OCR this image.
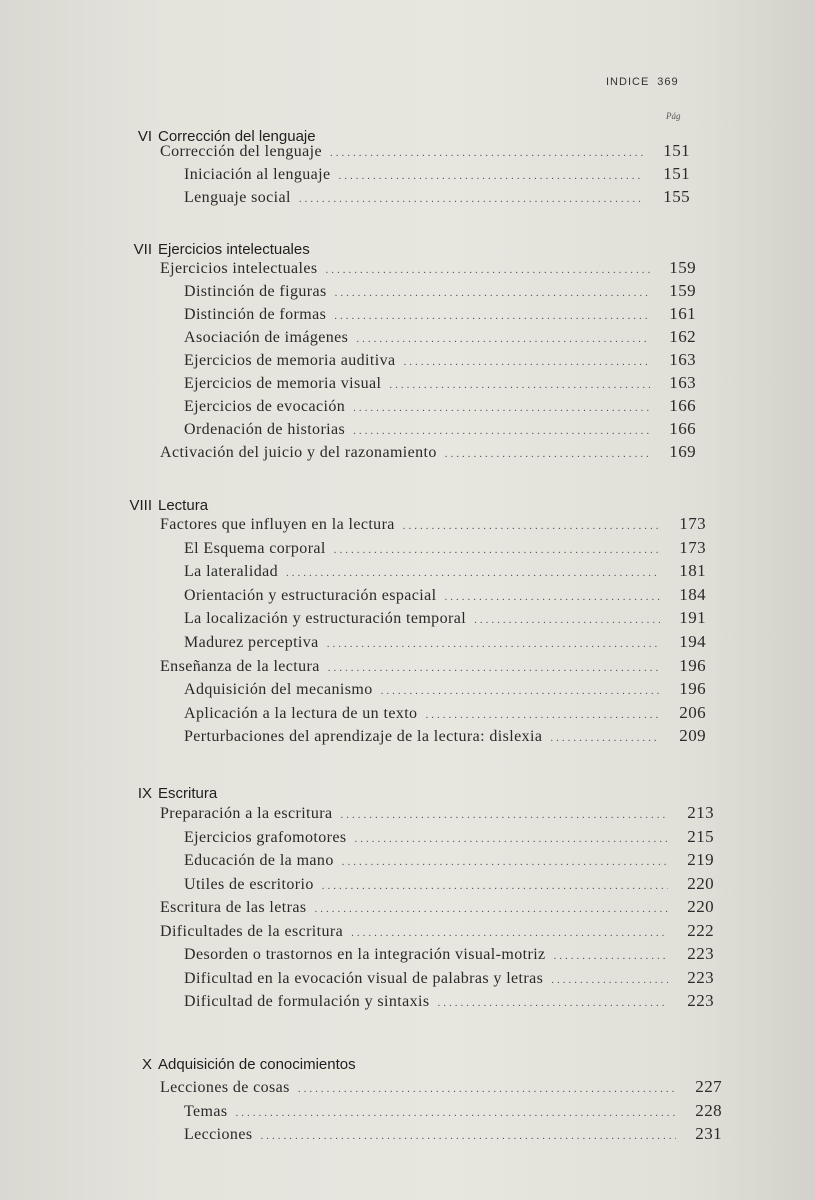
INDICE 369
Pág
VI Corrección del lenguaje
Corrección del lenguaje .....	151
Iniciación al lenguaje .....	151
Lenguaje social .....	155
VII Ejercicios intelectuales
Ejercicios intelectuales .....	159
Distinción de figuras .....	159
Distinción de formas .....	161
Asociación de imágenes .....	162
Ejercicios de memoria auditiva .....	163
Ejercicios de memoria visual .....	163
Ejercicios de evocación .....	166
Ordenación de historias .....	166
Activación del juicio y del razonamiento .....	169
VIII Lectura
Factores que influyen en la lectura .....	173
El Esquema corporal .....	173
La lateralidad .....	181
Orientación y estructuración espacial .....	184
La localización y estructuración temporal .....	191
Madurez perceptiva .....	194
Enseñanza de la lectura .....	196
Adquisición del mecanismo .....	196
Aplicación a la lectura de un texto .....	206
Perturbaciones del aprendizaje de la lectura: dislexia .....	209
IX Escritura
Preparación a la escritura .....	213
Ejercicios grafomotores .....	215
Educación de la mano .....	219
Utiles de escritorio .....	220
Escritura de las letras .....	220
Dificultades de la escritura .....	222
Desorden o trastornos en la integración visual-motriz .....	223
Dificultad en la evocación visual de palabras y letras .....	223
Dificultad de formulación y sintaxis .....	223
X Adquisición de conocimientos
Lecciones de cosas .....	227
Temas .....	228
Lecciones .....	231
